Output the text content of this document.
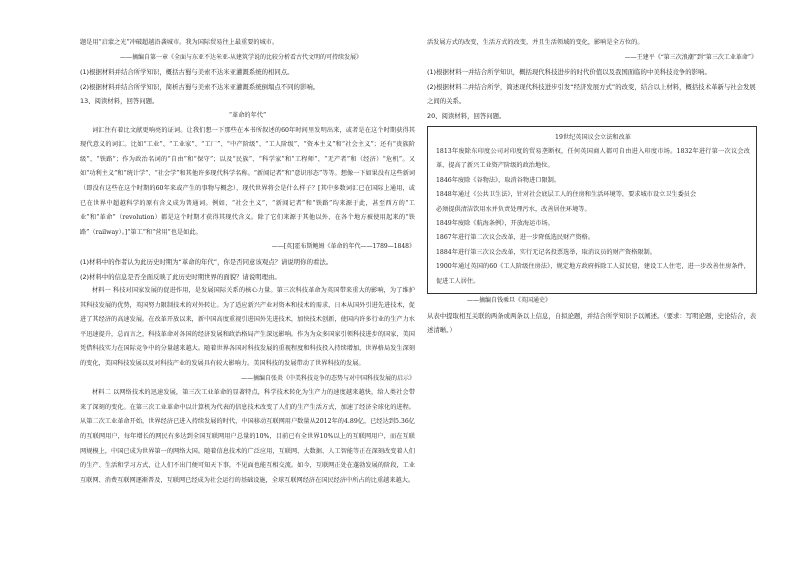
题是用“启蒙之光”冲破超越沿袭城市。我为国际贸易往上最重要的城市。

——摘编自第一章《全面与东亚不达米亚-从建筑学说的比较分析看古代文明的可持续发展》

(1)根据材料并结合所学知识，概括古蜀与美索不达米亚灌溉系统的相同点。

(2)根据材料并结合所学知识，简析古蜀与美索不达米亚灌溉系统倒塌点不同的影响。

13、阅读材料，回答问题。

“革命的年代”

词汇往有着比文献更响亮的证词。让我们想一下那些在本书所叙述的60年时间里发明出来，或者是在这个时期获得其现代意义的词汇。比如“工业”、“工业家”、“工厂”、“中产阶级”、“工人阶级”、“资本主义”和“社会主义”；还有“贵族阶级”、“铁路”；作为政治名词的“自由”和“保守”；以及“民族”、“科学家”和“工程师”、“无产者”和（经济）“危机”。又如“功利主义”和“统计学”、“社会学”和其他许多现代科学名称。“新闻记者”和“意识形态”等等。想像一下如果没有这些新词（即没有这些在这个时期的60年来或产生的事物与概念），现代世界将会是什么样子？[其中多数词汇已在国际上通用，或已在世界中超越科学的原有含义成为普通词。例如，“社会主义”，“新闻记者”和“铁路”均来源于此，甚至西方的“工业”和“革命”（revolution）都是这个时期才获得其现代含义。除了它们来源于其他以外，在各个地方被使用起来的“铁路”（railway）。]“第工”和“营用”也是如此。

——[英]霍布斯鲍姆《革命的年代——1789—1848》

(1)材料中的作者认为此历史时期为“革命的年代”，你是否同意该观点？请说明你的看法。

(2)材料中的信息是否全面反映了此历史时期世界的面貌？请说明理由。

材料一 科技对国家发展的促进作用，是发展国际关系的核心力量。第三次科技革命为英国带来重大的影响，为了维护其科技发展的优势，英国努力限制技术的对外转让。为了适应新兴产业对资本和技术的需求，日本从国外引进先进技术，促进了其经济的高速发展。在改革开放以来，新中国高度重视引进国外先进技术，加快技术创新，使国内许多行业的生产力水平迅速提升，总而言之，科技革命对各国的经济发展和政治格局产生深远影响。作为为众多国家引领科技进步的国家，美国凭借科技实力在国际竞争中的分量越来越大。随着世界各国对科技发展的重视程度和科技投入持续增加，世界格局发生深刻的变化，美国科技发展以及对科技产业的发展具有较大影响力。美国科技的发展带动了世界科技的发展。

——摘编自张炎《中美科技竞争的态势与对中国科技发展的启示》

材料二 以网络技术的迅速发展，第三次工业革命的显著特点，科学技术转化为生产力的速度越来越快，给人类社会带来了深刻的变化。在第三次工业革命中以计算机为代表的信息技术改变了人们的生产生活方式，加速了经济全球化的进程。从第二次工业革命开始，世界经济已进入持续发展的时代，中国移动互联网用户数量从2012年的4.89亿，已经达到5.36亿的互联网用户，每年增长的网民有多达到全国互联网用户总量的10%，目前已有全世界10%以上的互联网用户，而在互联网规模上，中国已成为世界第一的网络大国。随着信息技术的广泛应用，互联网、大数据、人工智能等正在深刻改变着人们的生产、生活和学习方式，让人们不出门便可知天下事，不见面也能互相交流。如今，互联网正处在蓬勃发展的阶段，工业互联网、消费互联网逐渐普及，互联网已经成为社会运行的基础设施，全球互联网经济在国民经济中所占的比重越来越大。

活发展方式的改变，生活方式的改变，并且生活领域的变化，影响是全方位的。

——王建平《“第三次浪潮”到“第三次工业革命”》

(1)根据材料一并结合所学知识，概括现代科技进步的时代价值以及我国面临的中美科技竞争的影响。

(2)根据材料二并结合所学，简述现代科技进步引发“经济发展方式”的改变，结合以上材料，概括技术革新与社会发展之间的关系。

20、阅读材料，回答问题。

19世纪英国议会立法和改革

1813年废除东印度公司对印度的贸易垄断权，任何英国商人都可自由进入印度市场。1832年进行第一次议会改革，提高了新兴工业资产阶级的政治地位。

1846年废除《谷物法》，取消谷物进口限制。

1848年通过《公共卫生法》，针对社会底层工人的住房和生活环境等，要求城市设立卫生委员会

必须提供清洁饮用水并负责处理污水，改善居住环境等。

1849年废除《航海条例》，开放海运市场。

1867年进行第二次议会改革，进一步降低选民财产资格。

1884年进行第三次议会改革，实行无记名投票选举，取消议员的财产资格限制。

1900年通过英国的60《工人阶级住房法》，规定地方政府拆除工人贫民窟，建设工人住宅，进一步改善住房条件，促进工人居住。

——摘编自钱乘旦《英国通史》

从表中提取相互关联的两条或两条以上信息，自拟论题，并结合所学知识予以阐述。（要求：写明论题，史论结合，表述清晰。）
